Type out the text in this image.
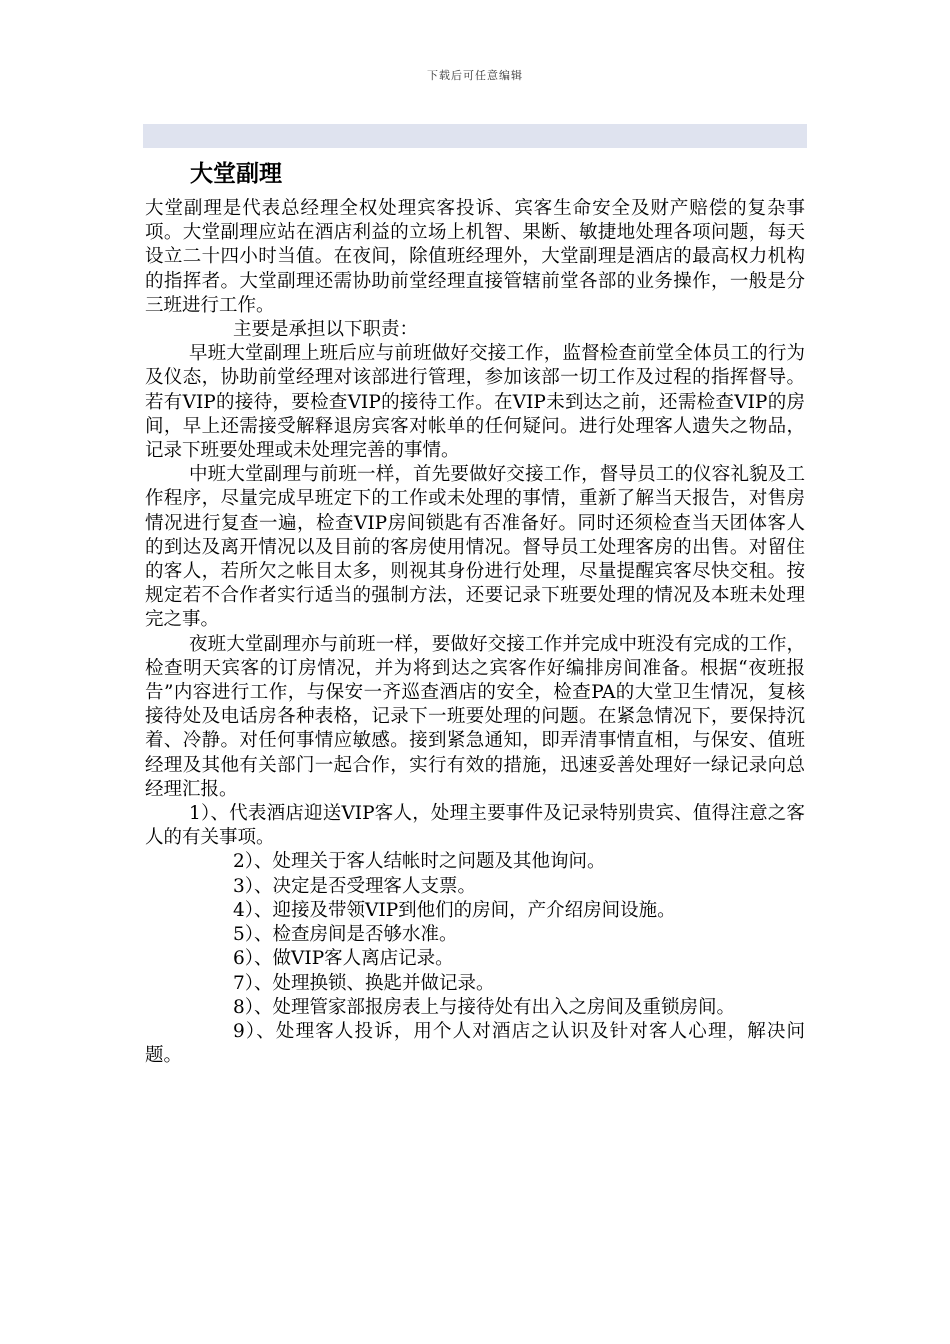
下载后可任意编辑
大堂副理

大堂副理是代表总经理全权处理宾客投诉、宾客生命安全及财产赔偿的复杂事项。大堂副理应站在酒店利益的立场上机智、果断、敏捷地处理各项问题，每天设立二十四小时当值。在夜间，除值班经理外，大堂副理是酒店的最高权力机构的指挥者。大堂副理还需协助前堂经理直接管辖前堂各部的业务操作，一般是分三班进行工作。

主要是承担以下职责：

早班大堂副理上班后应与前班做好交接工作，监督检查前堂全体员工的行为及仪态，协助前堂经理对该部进行管理，参加该部一切工作及过程的指挥督导。若有VIP的接待，要检查VIP的接待工作。在VIP未到达之前，还需检查VIP的房间，早上还需接受解释退房宾客对帐单的任何疑问。进行处理客人遗失之物品，记录下班要处理或未处理完善的事情。

中班大堂副理与前班一样，首先要做好交接工作，督导员工的仪容礼貌及工作程序，尽量完成早班定下的工作或未处理的事情，重新了解当天报告，对售房情况进行复查一遍，检查VIP房间锁匙有否准备好。同时还须检查当天团体客人的到达及离开情况以及目前的客房使用情况。督导员工处理客房的出售。对留住的客人，若所欠之帐目太多，则视其身份进行处理，尽量提醒宾客尽快交租。按规定若不合作者实行适当的强制方法，还要记录下班要处理的情况及本班未处理完之事。

夜班大堂副理亦与前班一样，要做好交接工作并完成中班没有完成的工作，检查明天宾客的订房情况，并为将到达之宾客作好编排房间准备。根据“夜班报告”内容进行工作，与保安一齐巡查酒店的安全，检查PA的大堂卫生情况，复核接待处及电话房各种表格，记录下一班要处理的问题。在紧急情况下，要保持沉着、冷静。对任何事情应敏感。接到紧急通知，即弄清事情直相，与保安、值班经理及其他有关部门一起合作，实行有效的措施，迅速妥善处理好一绿记录向总经理汇报。

1）、代表酒店迎送VIP客人，处理主要事件及记录特别贵宾、值得注意之客人的有关事项。

2）、处理关于客人结帐时之问题及其他询问。

3）、决定是否受理客人支票。

4）、迎接及带领VIP到他们的房间，产介绍房间设施。

5）、检查房间是否够水准。

6）、做VIP客人离店记录。

7）、处理换锁、换匙并做记录。

8）、处理管家部报房表上与接待处有出入之房间及重锁房间。

9）、处理客人投诉，用个人对酒店之认识及针对客人心理，解决问题。
